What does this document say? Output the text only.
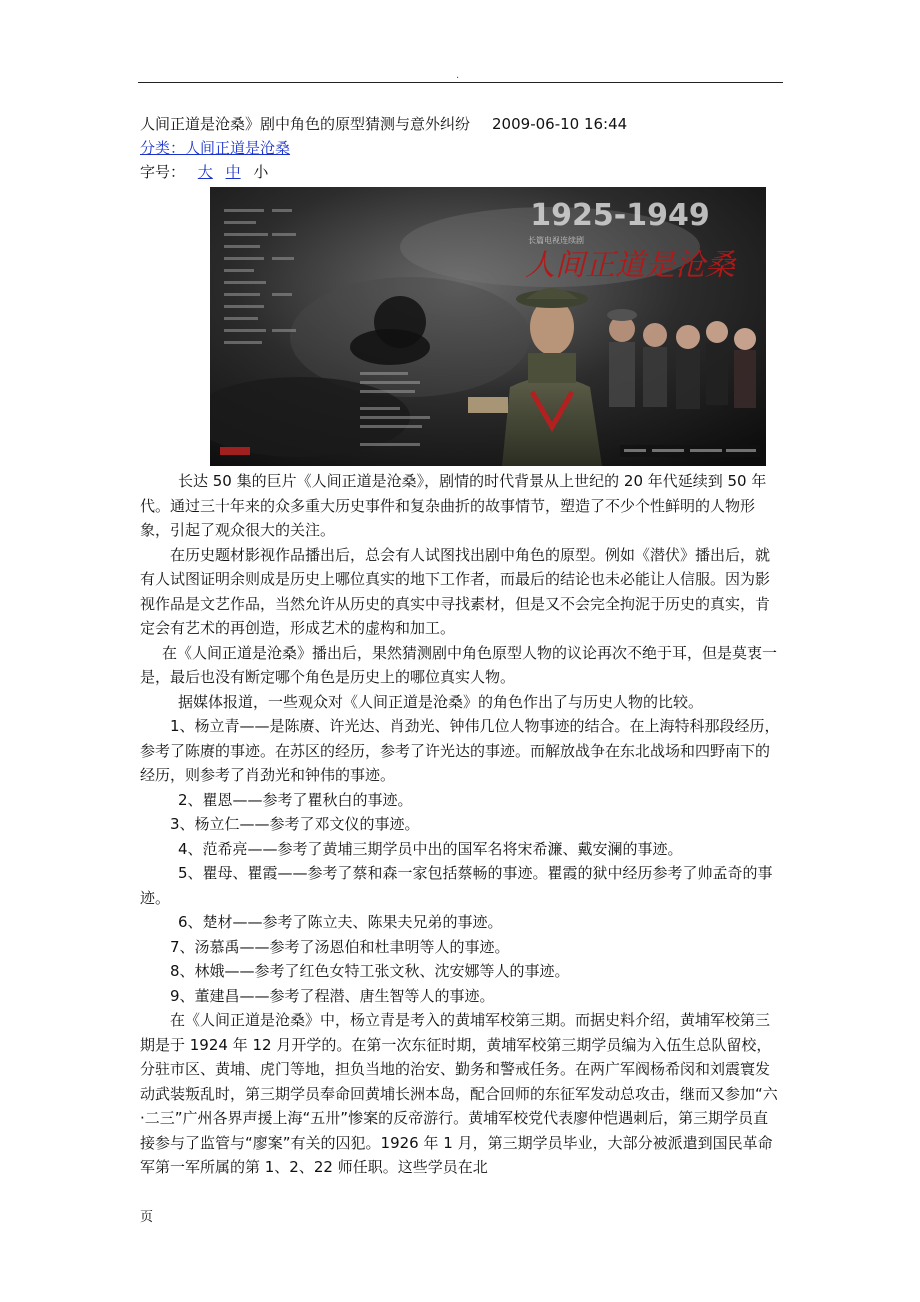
.
人间正道是沧桑》剧中角色的原型猜测与意外纠纷 2009-06-10 16:44
分类：人间正道是沧桑
字号： 大 中 小
1925-1949
长篇电视连续剧
人间正道是沧桑

长达 50 集的巨片《人间正道是沧桑》，剧情的时代背景从上世纪的 20 年代延续到 50 年代。通过三十年来的众多重大历史事件和复杂曲折的故事情节，塑造了不少个性鲜明的人物形象，引起了观众很大的关注。

在历史题材影视作品播出后，总会有人试图找出剧中角色的原型。例如《潜伏》播出后，就有人试图证明余则成是历史上哪位真实的地下工作者，而最后的结论也未必能让人信服。因为影视作品是文艺作品，当然允许从历史的真实中寻找素材，但是又不会完全拘泥于历史的真实，肯定会有艺术的再创造，形成艺术的虚构和加工。

在《人间正道是沧桑》播出后，果然猜测剧中角色原型人物的议论再次不绝于耳，但是莫衷一是，最后也没有断定哪个角色是历史上的哪位真实人物。

据媒体报道，一些观众对《人间正道是沧桑》的角色作出了与历史人物的比较。

1、杨立青——是陈赓、许光达、肖劲光、钟伟几位人物事迹的结合。在上海特科那段经历，参考了陈赓的事迹。在苏区的经历，参考了许光达的事迹。而解放战争在东北战场和四野南下的经历，则参考了肖劲光和钟伟的事迹。

2、瞿恩——参考了瞿秋白的事迹。

3、杨立仁——参考了邓文仪的事迹。

4、范希亮——参考了黄埔三期学员中出的国军名将宋希濂、戴安澜的事迹。

5、瞿母、瞿霞——参考了蔡和森一家包括蔡畅的事迹。瞿霞的狱中经历参考了帅孟奇的事迹。

6、楚材——参考了陈立夫、陈果夫兄弟的事迹。

7、汤慕禹——参考了汤恩伯和杜聿明等人的事迹。

8、林娥——参考了红色女特工张文秋、沈安娜等人的事迹。

9、董建昌——参考了程潜、唐生智等人的事迹。

在《人间正道是沧桑》中，杨立青是考入的黄埔军校第三期。而据史料介绍，黄埔军校第三期是于 1924 年 12 月开学的。在第一次东征时期，黄埔军校第三期学员编为入伍生总队留校，分驻市区、黄埔、虎门等地，担负当地的治安、勤务和警戒任务。在两广军阀杨希闵和刘震寰发动武装叛乱时，第三期学员奉命回黄埔长洲本岛，配合回师的东征军发动总攻击，继而又参加“六·二三”广州各界声援上海“五卅”惨案的反帝游行。黄埔军校党代表廖仲恺遇刺后，第三期学员直接参与了监管与“廖案”有关的囚犯。1926 年 1 月，第三期学员毕业，大部分被派遣到国民革命军第一军所属的第 1、2、22 师任职。这些学员在北

页
